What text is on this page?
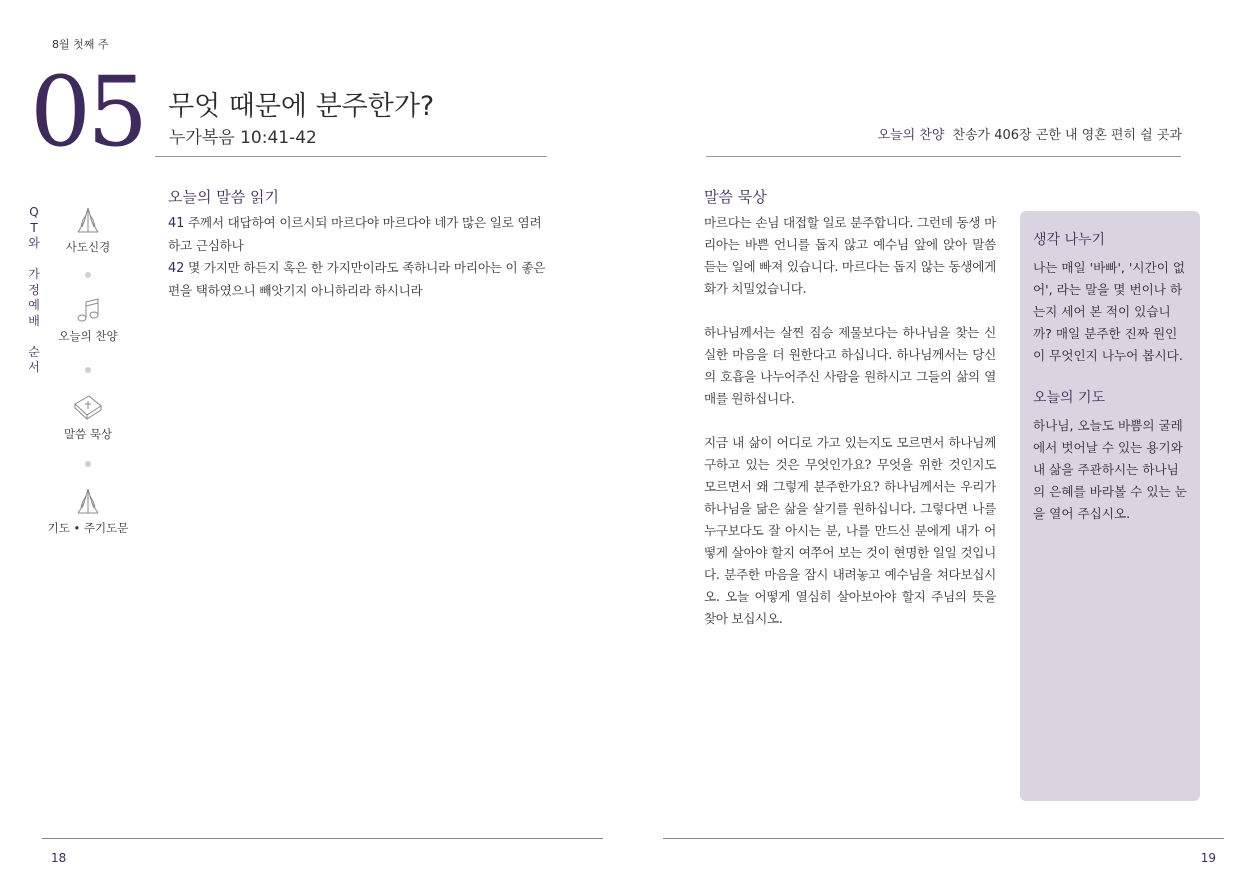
8월 첫째 주
05 무엇 때문에 분주한가?
누가복음 10:41-42	오늘의 찬양 찬송가 406장 곤한 내 영혼 편히 쉴 곳과
Q
T
와
가
정
예
배
순
서
사도신경
오늘의 찬양
말씀 묵상
기도 • 주기도문
오늘의 말씀 읽기
41 주께서 대답하여 이르시되 마르다야 마르다야 네가 많은 일로 염려하고 근심하나
42 몇 가지만 하든지 혹은 한 가지만이라도 족하니라 마리아는 이 좋은 편을 택하였으니 빼앗기지 아니하리라 하시니라
말씀 묵상

마르다는 손님 대접할 일로 분주합니다. 그런데 동생 마리아는 바쁜 언니를 돕지 않고 예수님 앞에 앉아 말씀 듣는 일에 빠져 있습니다. 마르다는 돕지 않는 동생에게 화가 치밀었습니다.

하나님께서는 살찐 짐승 제물보다는 하나님을 찾는 신실한 마음을 더 원한다고 하십니다. 하나님께서는 당신의 호흡을 나누어주신 사람을 원하시고 그들의 삶의 열매를 원하십니다.

지금 내 삶이 어디로 가고 있는지도 모르면서 하나님께 구하고 있는 것은 무엇인가요? 무엇을 위한 것인지도 모르면서 왜 그렇게 분주한가요? 하나님께서는 우리가 하나님을 닮은 삶을 살기를 원하십니다. 그렇다면 나를 누구보다도 잘 아시는 분, 나를 만드신 분에게 내가 어떻게 살아야 할지 여쭈어 보는 것이 현명한 일일 것입니다. 분주한 마음을 잠시 내려놓고 예수님을 쳐다보십시오. 오늘 어떻게 열심히 살아보아야 할지 주님의 뜻을 찾아 보십시오.

생각 나누기
나는 매일 '바빠', '시간이 없어', 라는 말을 몇 번이나 하는지 세어 본 적이 있습니까? 매일 분주한 진짜 원인이 무엇인지 나누어 봅시다.
오늘의 기도
하나님, 오늘도 바쁨의 굴레에서 벗어날 수 있는 용기와 내 삶을 주관하시는 하나님의 은혜를 바라볼 수 있는 눈을 열어 주십시오.
18	19
